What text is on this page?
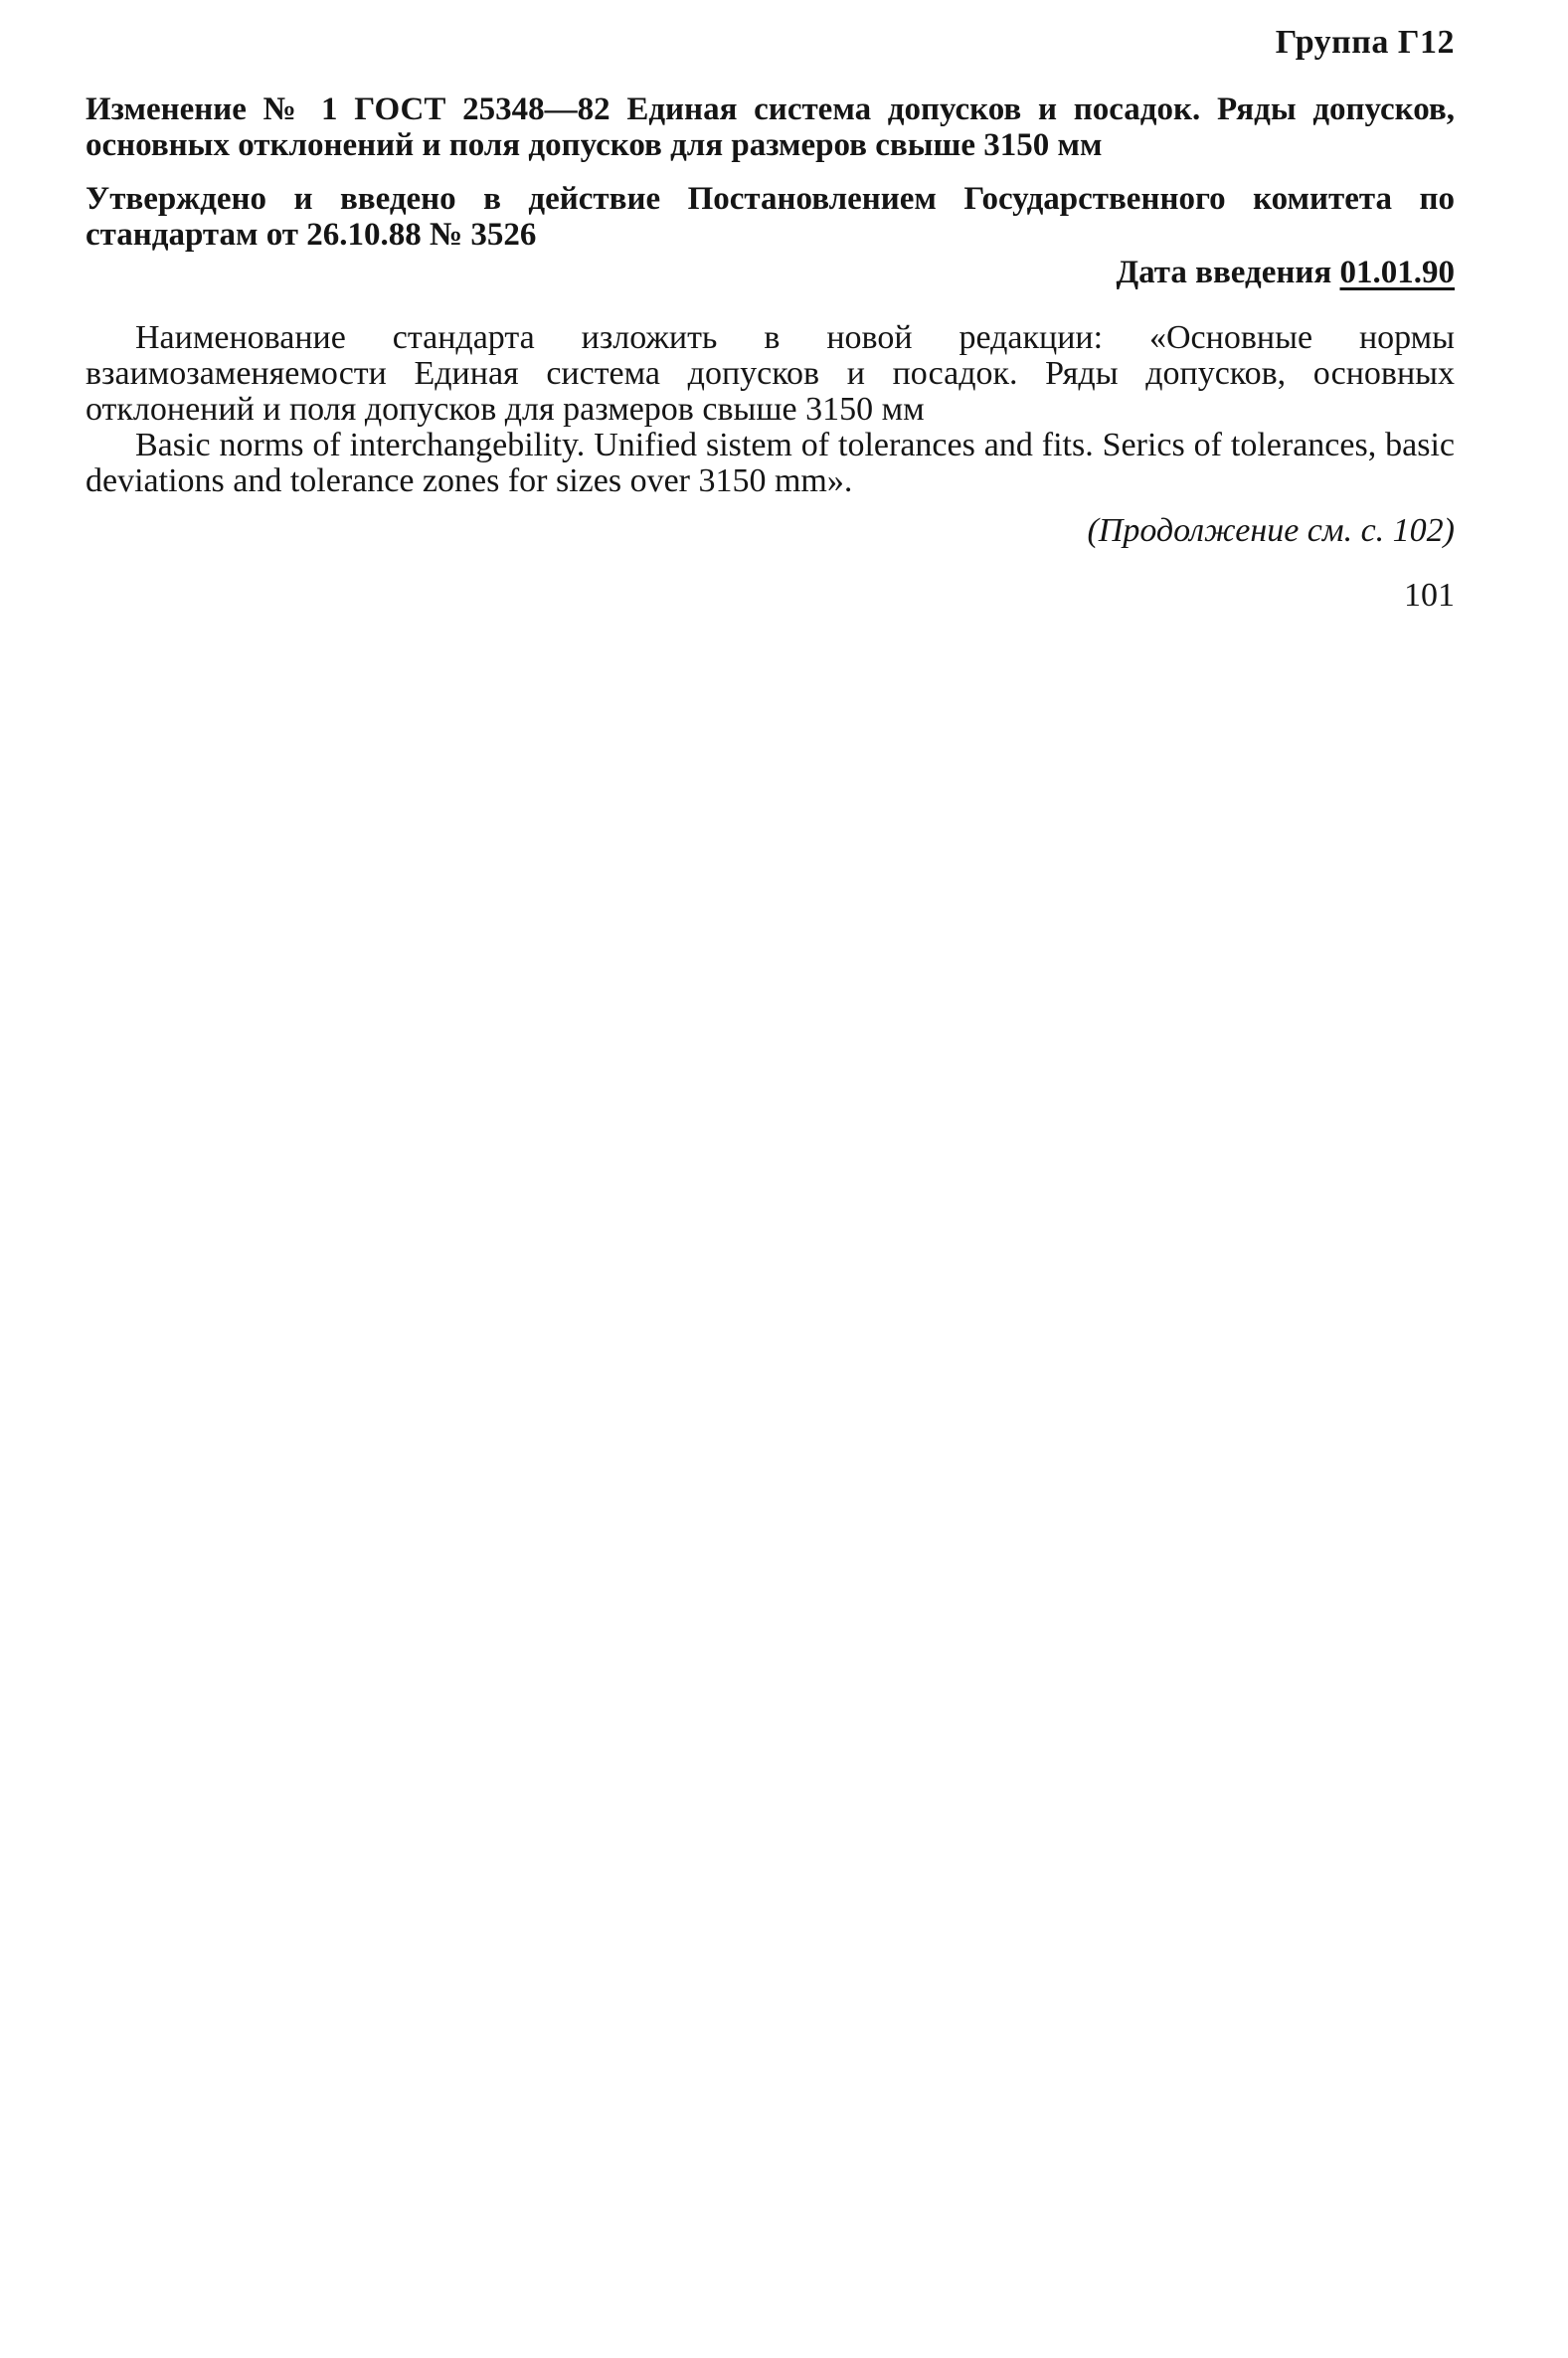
Группа Г12
Изменение № 1 ГОСТ 25348—82 Единая система допусков и посадок. Ряды допусков, основных отклонений и поля допусков для размеров свыше 3150 мм
Утверждено и введено в действие Постановлением Государственного комитета по стандартам от 26.10.88 № 3526
Дата введения 01.01.90

Наименование стандарта изложить в новой редакции: «Основные нормы взаимозаменяемости Единая система допусков и посадок. Ряды допусков, основных отклонений и поля допусков для размеров свыше 3150 мм

Basic norms of interchangebility. Unified sistem of tolerances and fits. Serics of tolerances, basic deviations and tolerance zones for sizes over 3150 mm».

(Продолжение см. с. 102)
101
